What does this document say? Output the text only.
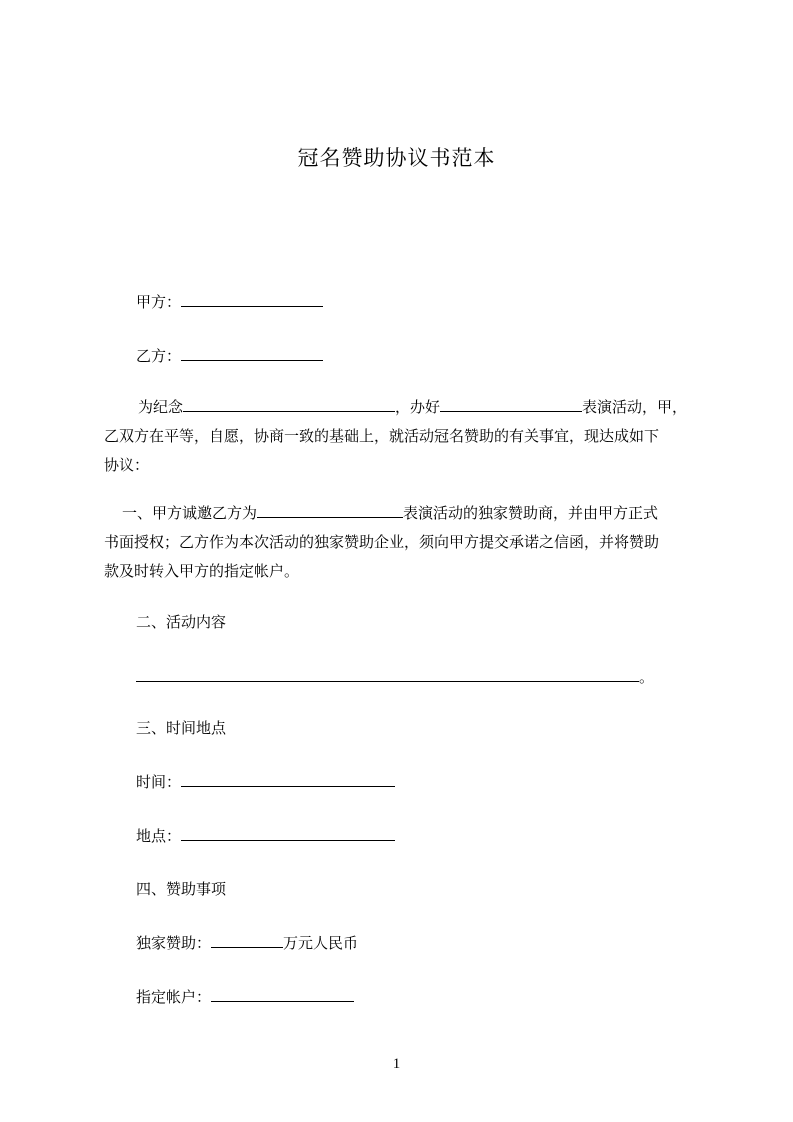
冠名赞助协议书范本
甲方：
乙方：
为纪念	，办好	表演活动，甲，
乙双方在平等，自愿，协商一致的基础上，就活动冠名赞助的有关事宜，现达成如下
协议：
一、甲方诚邀乙方为	表演活动的独家赞助商，并由甲方正式
书面授权；乙方作为本次活动的独家赞助企业，须向甲方提交承诺之信函，并将赞助
款及时转入甲方的指定帐户。
二、活动内容
。
三、时间地点
时间：
地点：
四、赞助事项
独家赞助：	万元人民币
指定帐户：
1
